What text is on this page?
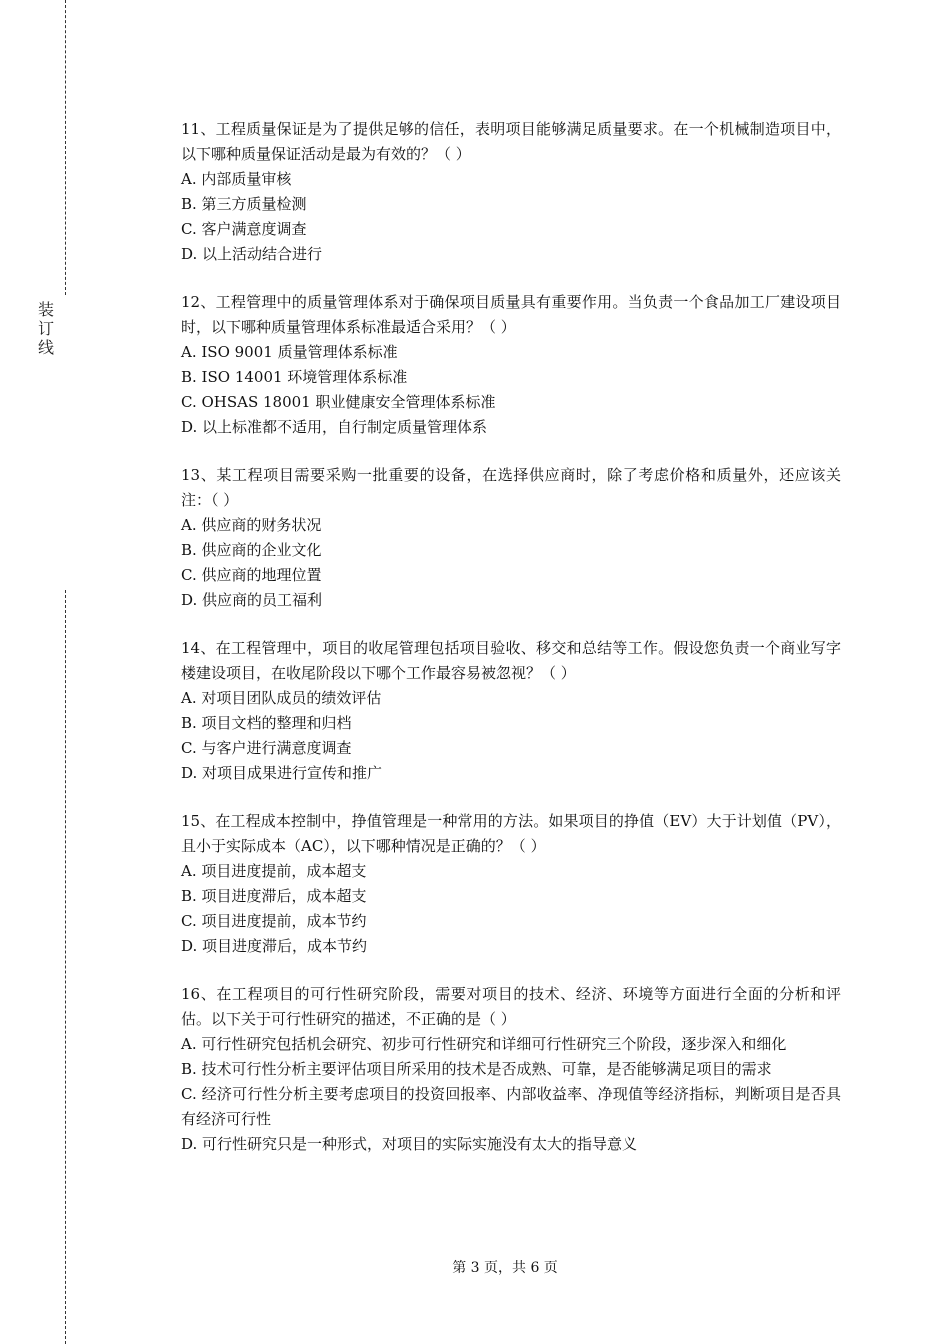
装
订
线

11、工程质量保证是为了提供足够的信任，表明项目能够满足质量要求。在一个机械制造项目中，以下哪种质量保证活动是最为有效的？（ ）

A. 内部质量审核

B. 第三方质量检测

C. 客户满意度调查

D. 以上活动结合进行

12、工程管理中的质量管理体系对于确保项目质量具有重要作用。当负责一个食品加工厂建设项目时，以下哪种质量管理体系标准最适合采用？（ ）

A. ISO 9001 质量管理体系标准

B. ISO 14001 环境管理体系标准

C. OHSAS 18001 职业健康安全管理体系标准

D. 以上标准都不适用，自行制定质量管理体系

13、某工程项目需要采购一批重要的设备，在选择供应商时，除了考虑价格和质量外，还应该关注：（ ）

A. 供应商的财务状况

B. 供应商的企业文化

C. 供应商的地理位置

D. 供应商的员工福利

14、在工程管理中，项目的收尾管理包括项目验收、移交和总结等工作。假设您负责一个商业写字楼建设项目，在收尾阶段以下哪个工作最容易被忽视？（ ）

A. 对项目团队成员的绩效评估

B. 项目文档的整理和归档

C. 与客户进行满意度调查

D. 对项目成果进行宣传和推广

15、在工程成本控制中，挣值管理是一种常用的方法。如果项目的挣值（EV）大于计划值（PV），且小于实际成本（AC），以下哪种情况是正确的？（ ）

A. 项目进度提前，成本超支

B. 项目进度滞后，成本超支

C. 项目进度提前，成本节约

D. 项目进度滞后，成本节约

16、在工程项目的可行性研究阶段，需要对项目的技术、经济、环境等方面进行全面的分析和评估。以下关于可行性研究的描述，不正确的是（ ）

A. 可行性研究包括机会研究、初步可行性研究和详细可行性研究三个阶段，逐步深入和细化

B. 技术可行性分析主要评估项目所采用的技术是否成熟、可靠，是否能够满足项目的需求

C. 经济可行性分析主要考虑项目的投资回报率、内部收益率、净现值等经济指标，判断项目是否具有经济可行性

D. 可行性研究只是一种形式，对项目的实际实施没有太大的指导意义

第 3 页，共 6 页
